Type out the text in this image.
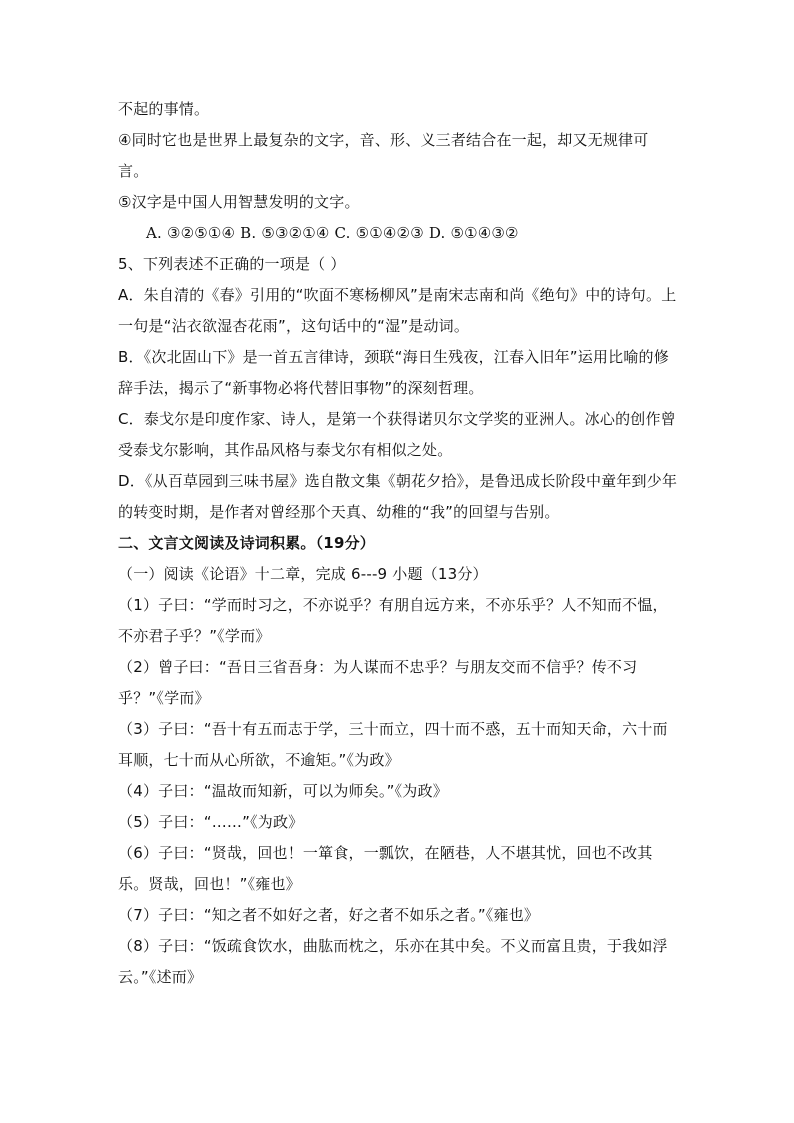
不起的事情。

④同时它也是世界上最复杂的文字，音、形、义三者结合在一起，却又无规律可言。

⑤汉字是中国人用智慧发明的文字。

A. ③②⑤①④ B. ⑤③②①④ C. ⑤①④②③ D. ⑤①④③②

5、下列表述不正确的一项是（ ）

A．朱自清的《春》引用的“吹面不寒杨柳风”是南宋志南和尚《绝句》中的诗句。上一句是“沾衣欲湿杏花雨”，这句话中的“湿”是动词。

B．《次北固山下》是一首五言律诗，颈联“海日生残夜，江春入旧年”运用比喻的修辞手法，揭示了“新事物必将代替旧事物”的深刻哲理。

C．泰戈尔是印度作家、诗人，是第一个获得诺贝尔文学奖的亚洲人。冰心的创作曾受泰戈尔影响，其作品风格与泰戈尔有相似之处。

D．《从百草园到三味书屋》选自散文集《朝花夕拾》，是鲁迅成长阶段中童年到少年的转变时期，是作者对曾经那个天真、幼稚的“我”的回望与告别。

二、文言文阅读及诗词积累。（19分）

（一）阅读《论语》十二章，完成 6---9 小题（13分）

（1）子曰：“学而时习之，不亦说乎？有朋自远方来，不亦乐乎？人不知而不愠，不亦君子乎？”《学而》

（2）曾子曰：“吾日三省吾身：为人谋而不忠乎？与朋友交而不信乎？传不习乎？”《学而》

（3）子曰：“吾十有五而志于学，三十而立，四十而不惑，五十而知天命，六十而耳顺，七十而从心所欲，不逾矩。”《为政》

（4）子曰：“温故而知新，可以为师矣。”《为政》

（5）子曰：“……”《为政》

（6）子曰：“贤哉，回也！一箪食，一瓢饮，在陋巷，人不堪其忧，回也不改其乐。贤哉，回也！”《雍也》

（7）子曰：“知之者不如好之者，好之者不如乐之者。”《雍也》

（8）子曰：“饭疏食饮水，曲肱而枕之，乐亦在其中矣。不义而富且贵，于我如浮云。”《述而》
